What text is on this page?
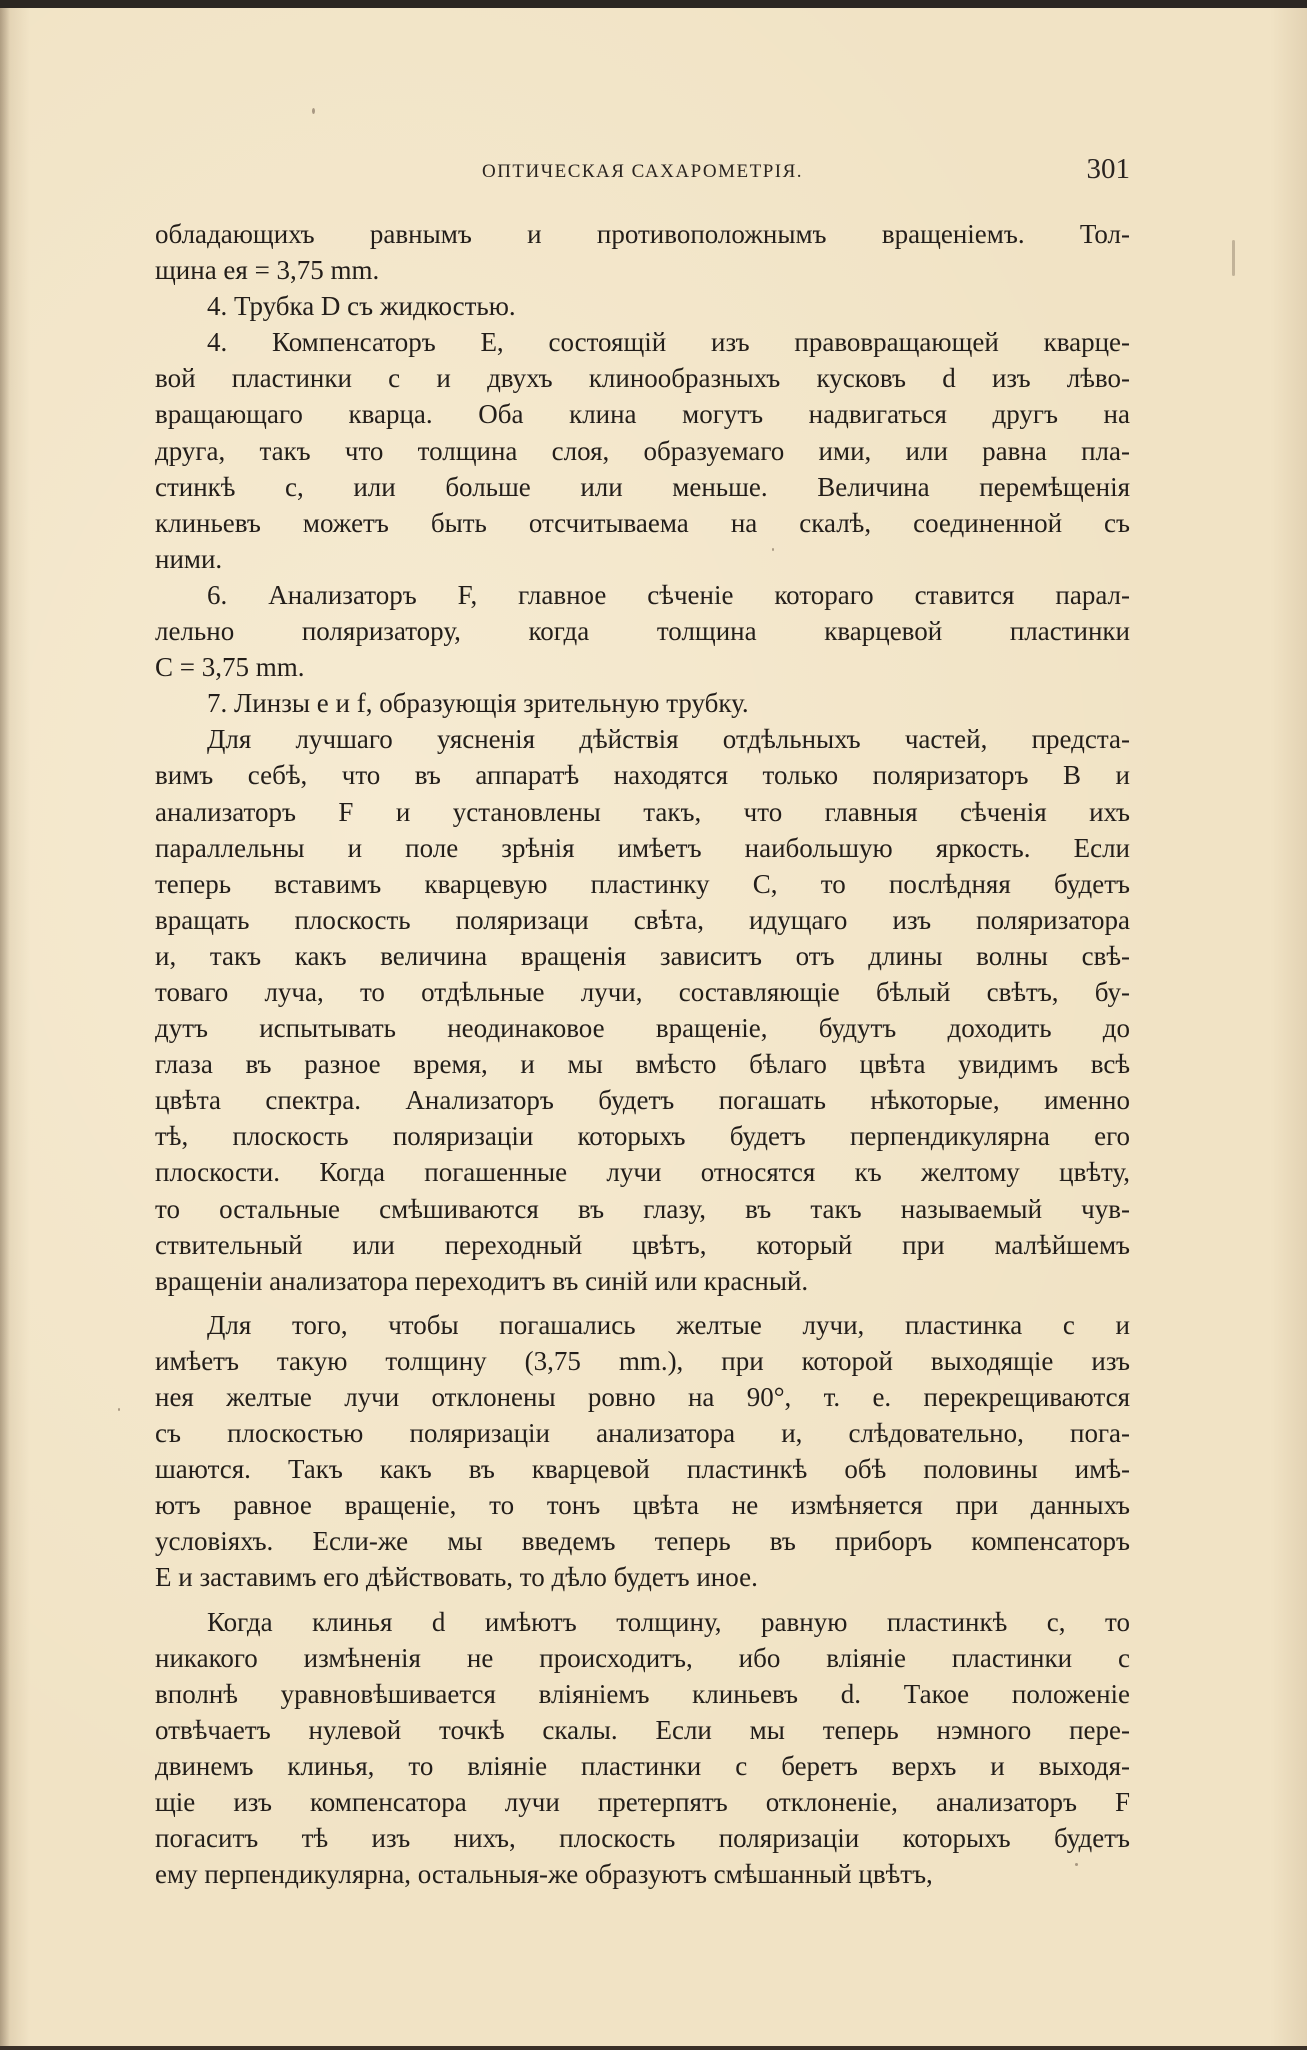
ОПТИЧЕСКАЯ САХАРОМЕТРІЯ.	301

обладающихъ равнымъ и противоположнымъ вращеніемъ. Тол-
щина ея = 3,75 mm.

4. Трубка D съ жидкостью.

4. Компенсаторъ E, состоящій изъ правовращающей кварце-
вой пластинки с и двухъ клинообразныхъ кусковъ d изъ лѣво-
вращающаго кварца. Оба клина могутъ надвигаться другъ на
друга, такъ что толщина слоя, образуемаго ими, или равна пла-
стинкѣ с, или больше или меньше. Величина перемѣщенія
клиньевъ можетъ быть отсчитываема на скалѣ, соединенной съ
ними.

6. Анализаторъ F, главное сѣченіе котораго ставится парал-
лельно поляризатору, когда толщина кварцевой пластинки
C = 3,75 mm.

7. Линзы е и f, образующія зрительную трубку.

Для лучшаго уясненія дѣйствія отдѣльныхъ частей, предста-
вимъ себѣ, что въ аппаратѣ находятся только поляризаторъ В и
анализаторъ F и установлены такъ, что главныя сѣченія ихъ
параллельны и поле зрѣнія имѣетъ наибольшую яркость. Если
теперь вставимъ кварцевую пластинку C, то послѣдняя будетъ
вращать плоскость поляризаци свѣта, идущаго изъ поляризатора
и, такъ какъ величина вращенія зависитъ отъ длины волны свѣ-
товаго луча, то отдѣльные лучи, составляющіе бѣлый свѣтъ, бу-
дутъ испытывать неодинаковое вращеніе, будутъ доходить до
глаза въ разное время, и мы вмѣсто бѣлаго цвѣта увидимъ всѣ
цвѣта спектра. Анализаторъ будетъ погашать нѣкоторые, именно
тѣ, плоскость поляризаціи которыхъ будетъ перпендикулярна его
плоскости. Когда погашенные лучи относятся къ желтому цвѣту,
то остальные смѣшиваются въ глазу, въ такъ называемый чув-
ствительный или переходный цвѣтъ, который при малѣйшемъ
вращеніи анализатора переходитъ въ синій или красный.

Для того, чтобы погашались желтые лучи, пластинка с и
имѣетъ такую толщину (3,75 mm.), при которой выходящіе изъ
нея желтые лучи отклонены ровно на 90°, т. е. перекрещиваются
съ плоскостью поляризаціи анализатора и, слѣдовательно, пога-
шаются. Такъ какъ въ кварцевой пластинкѣ обѣ половины имѣ-
ютъ равное вращеніе, то тонъ цвѣта не измѣняется при данныхъ
условіяхъ. Если-же мы введемъ теперь въ приборъ компенсаторъ
E и заставимъ его дѣйствовать, то дѣло будетъ иное.

Когда клинья d имѣютъ толщину, равную пластинкѣ с, то
никакого измѣненія не происходитъ, ибо вліяніе пластинки с
вполнѣ уравновѣшивается вліяніемъ клиньевъ d. Такое положеніе
отвѣчаетъ нулевой точкѣ скалы. Если мы теперь нэмного пере-
двинемъ клинья, то вліяніе пластинки с беретъ верхъ и выходя-
щіе изъ компенсатора лучи претерпятъ отклоненіе, анализаторъ F
погаситъ тѣ изъ нихъ, плоскость поляризаціи которыхъ будетъ
ему перпендикулярна, остальныя-же образуютъ смѣшанный цвѣтъ,
